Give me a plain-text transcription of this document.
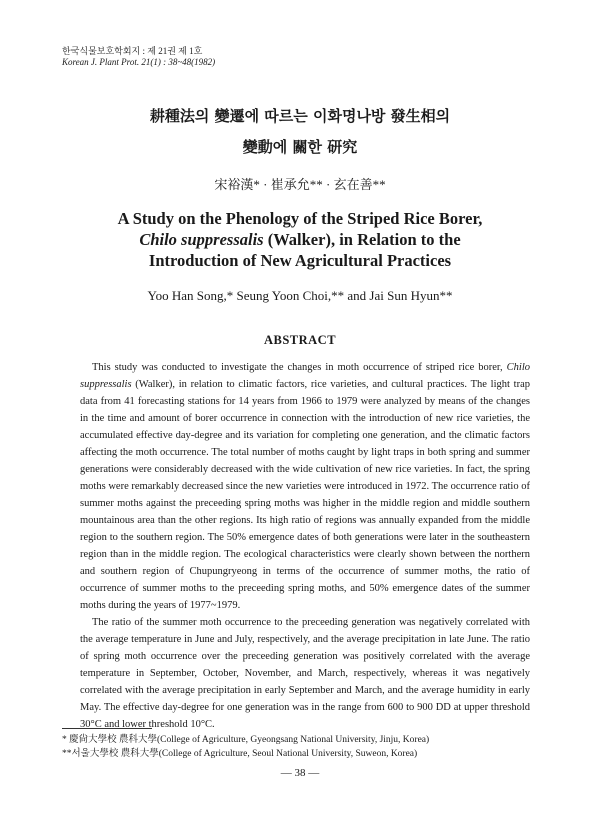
한국식물보호학회지 : 제 21권 제 1호
Korean J. Plant Prot. 21(1) : 38~48(1982)
耕種法의 變遷에 따르는 이화명나방 發生相의
變動에 關한 研究
宋裕漢* · 崔承允** · 玄在善**
A Study on the Phenology of the Striped Rice Borer,
Chilo suppressalis (Walker), in Relation to the
Introduction of New Agricultural Practices
Yoo Han Song,* Seung Yoon Choi,** and Jai Sun Hyun**
ABSTRACT

This study was conducted to investigate the changes in moth occurrence of striped rice borer, Chilo suppressalis (Walker), in relation to climatic factors, rice varieties, and cultural practices. The light trap data from 41 forecasting stations for 14 years from 1966 to 1979 were analyzed by means of the changes in the time and amount of borer occurrence in connection with the introduction of new rice varieties, the accumulated effective day-degree and its variation for completing one generation, and the climatic factors affecting the moth occurrence. The total number of moths caught by light traps in both spring and summer generations were considerably decreased with the wide cultivation of new rice varieties. In fact, the spring moths were remarkably decreased since the new varieties were introduced in 1972. The occurrence ratio of summer moths against the preceeding spring moths was higher in the middle region and middle southern mountainous area than the other regions. Its high ratio of regions was annually expanded from the middle region to the southern region. The 50% emergence dates of both generations were later in the southeastern region than in the middle region. The ecological characteristics were clearly shown between the northern and southern region of Chupungryeong in terms of the occurrence of summer moths, the ratio of occurrence of summer moths to the preceeding spring moths, and 50% emergence dates of the summer moths during the years of 1977~1979.

The ratio of the summer moth occurrence to the preceeding generation was negatively correlated with the average temperature in June and July, respectively, and the average precipitation in late June. The ratio of spring moth occurrence over the preceeding generation was positively correlated with the average temperature in September, October, November, and March, respectively, whereas it was negatively correlated with the average precipitation in early September and March, and the average humidity in early May. The effective day-degree for one generation was in the range from 600 to 900 DD at upper threshold 30°C and lower threshold 10°C.

* 慶尙大學校 農科大學(College of Agriculture, Gyeongsang National University, Jinju, Korea)
**서울大學校 農科大學(College of Agriculture, Seoul National University, Suweon, Korea)
— 38 —
